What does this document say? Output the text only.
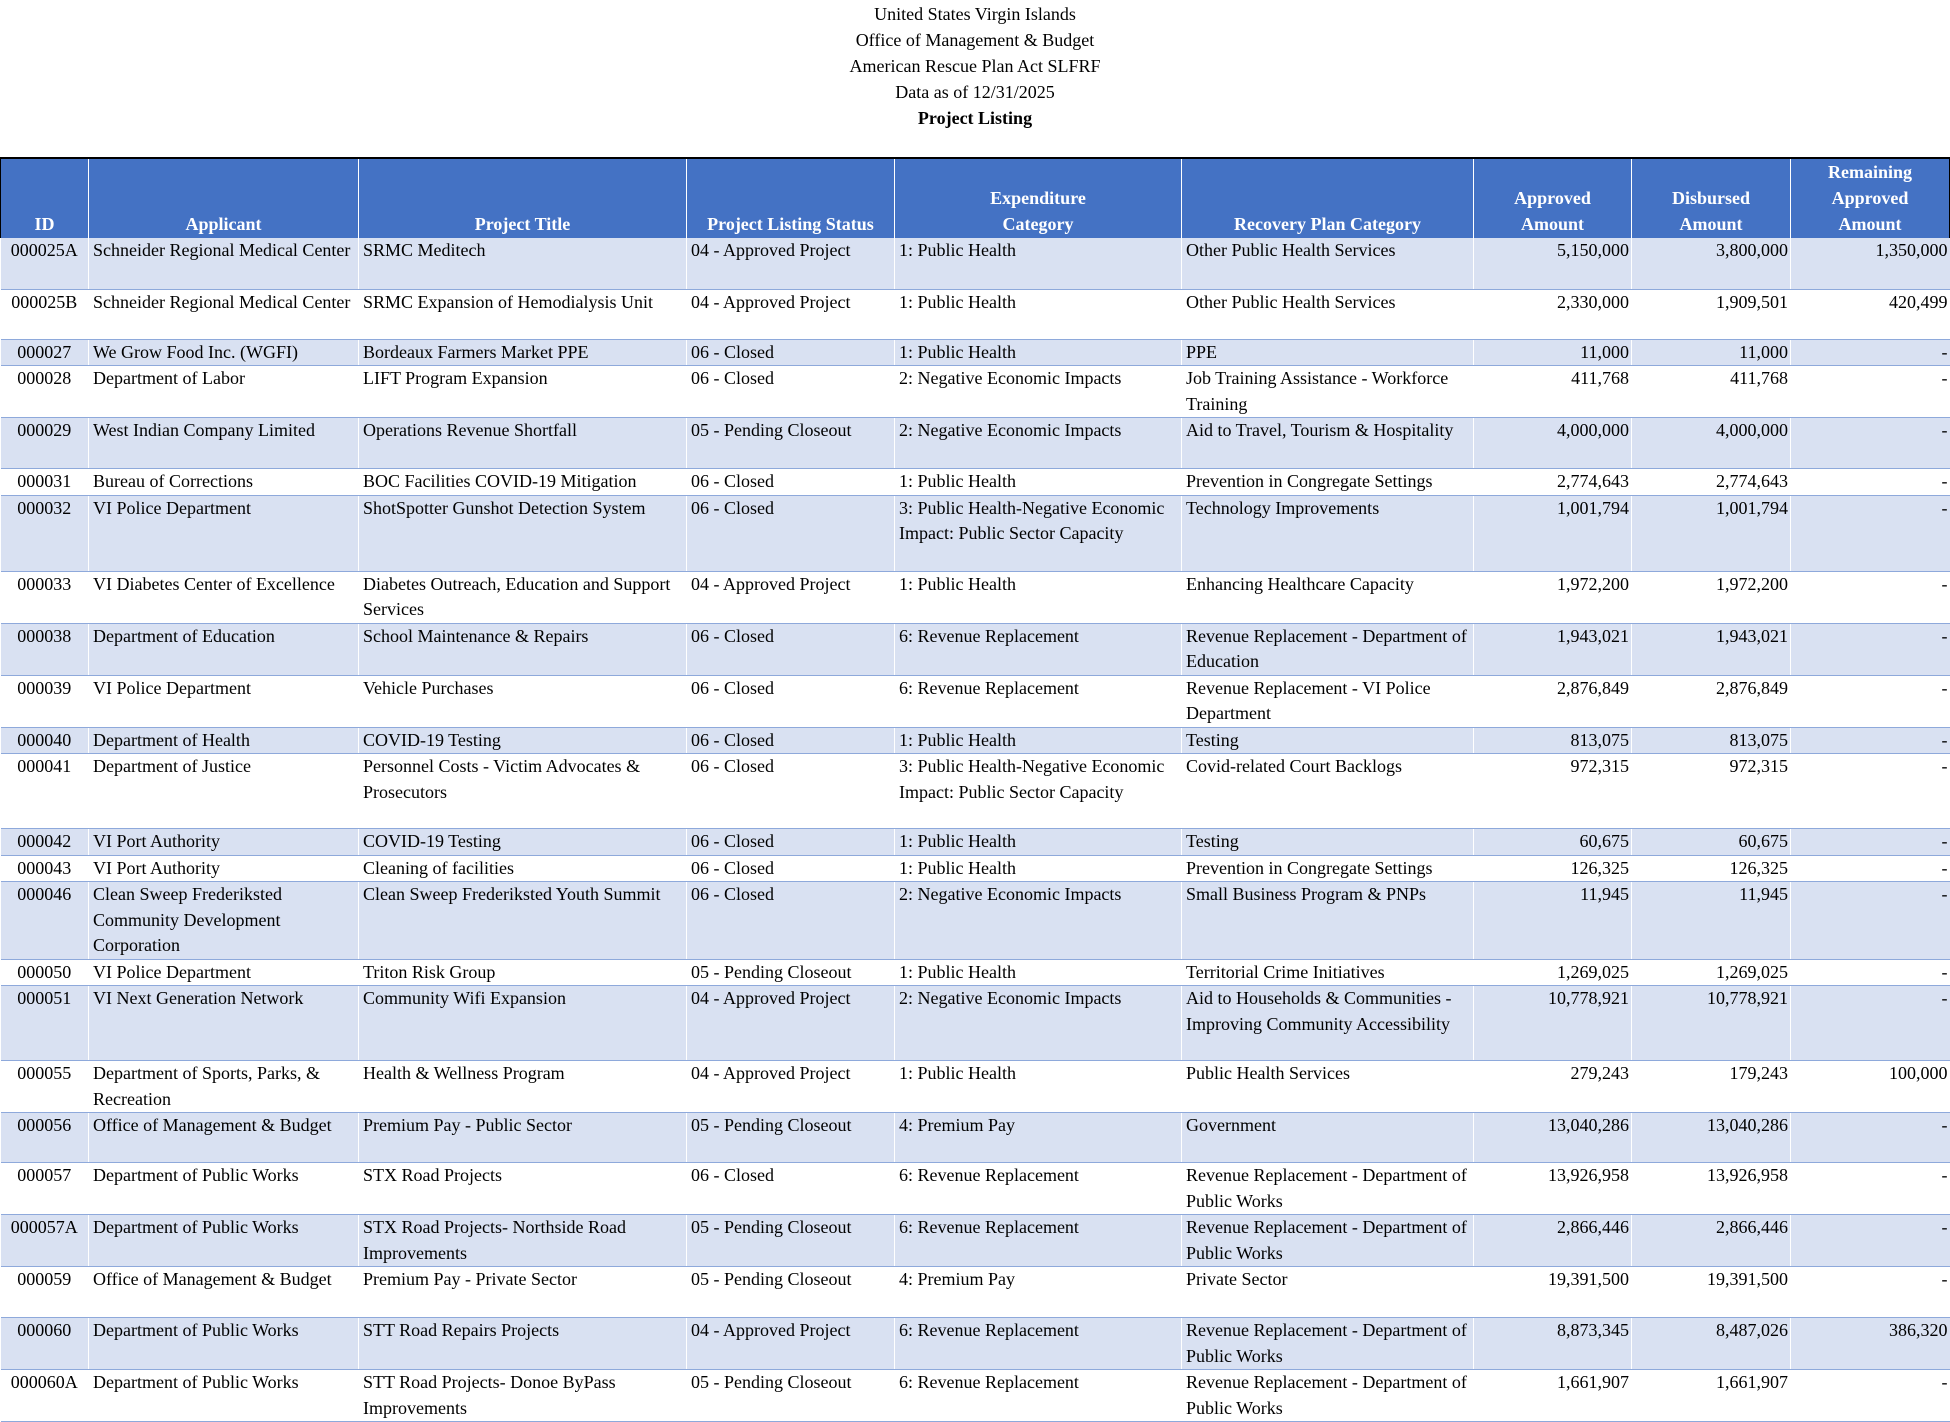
United States Virgin Islands
Office of Management & Budget
American Rescue Plan Act SLFRF
Data as of 12/31/2025
Project Listing
ID	Applicant	Project Title	Project Listing Status	Expenditure Category	Recovery Plan Category	Approved Amount	Disbursed Amount	Remaining Approved Amount
000025A	Schneider Regional Medical Center	SRMC Meditech	04 - Approved Project	1: Public Health	Other Public Health Services	5,150,000	3,800,000	1,350,000
000025B	Schneider Regional Medical Center	SRMC Expansion of Hemodialysis Unit	04 - Approved Project	1: Public Health	Other Public Health Services	2,330,000	1,909,501	420,499
000027	We Grow Food Inc. (WGFI)	Bordeaux Farmers Market PPE	06 - Closed	1: Public Health	PPE	11,000	11,000	-
000028	Department of Labor	LIFT Program Expansion	06 - Closed	2: Negative Economic Impacts	Job Training Assistance - Workforce Training	411,768	411,768	-
000029	West Indian Company Limited	Operations Revenue Shortfall	05 - Pending Closeout	2: Negative Economic Impacts	Aid to Travel, Tourism & Hospitality	4,000,000	4,000,000	-
000031	Bureau of Corrections	BOC Facilities COVID-19 Mitigation	06 - Closed	1: Public Health	Prevention in Congregate Settings	2,774,643	2,774,643	-
000032	VI Police Department	ShotSpotter Gunshot Detection System	06 - Closed	3: Public Health-Negative Economic Impact: Public Sector Capacity	Technology Improvements	1,001,794	1,001,794	-
000033	VI Diabetes Center of Excellence	Diabetes Outreach, Education and Support Services	04 - Approved Project	1: Public Health	Enhancing Healthcare Capacity	1,972,200	1,972,200	-
000038	Department of Education	School Maintenance & Repairs	06 - Closed	6: Revenue Replacement	Revenue Replacement - Department of Education	1,943,021	1,943,021	-
000039	VI Police Department	Vehicle Purchases	06 - Closed	6: Revenue Replacement	Revenue Replacement - VI Police Department	2,876,849	2,876,849	-
000040	Department of Health	COVID-19 Testing	06 - Closed	1: Public Health	Testing	813,075	813,075	-
000041	Department of Justice	Personnel Costs - Victim Advocates & Prosecutors	06 - Closed	3: Public Health-Negative Economic Impact: Public Sector Capacity	Covid-related Court Backlogs	972,315	972,315	-
000042	VI Port Authority	COVID-19 Testing	06 - Closed	1: Public Health	Testing	60,675	60,675	-
000043	VI Port Authority	Cleaning of facilities	06 - Closed	1: Public Health	Prevention in Congregate Settings	126,325	126,325	-
000046	Clean Sweep Frederiksted Community Development Corporation	Clean Sweep Frederiksted Youth Summit	06 - Closed	2: Negative Economic Impacts	Small Business Program & PNPs	11,945	11,945	-
000050	VI Police Department	Triton Risk Group	05 - Pending Closeout	1: Public Health	Territorial Crime Initiatives	1,269,025	1,269,025	-
000051	VI Next Generation Network	Community Wifi Expansion	04 - Approved Project	2: Negative Economic Impacts	Aid to Households & Communities - Improving Community Accessibility	10,778,921	10,778,921	-
000055	Department of Sports, Parks, & Recreation	Health & Wellness Program	04 - Approved Project	1: Public Health	Public Health Services	279,243	179,243	100,000
000056	Office of Management & Budget	Premium Pay - Public Sector	05 - Pending Closeout	4: Premium Pay	Government	13,040,286	13,040,286	-
000057	Department of Public Works	STX Road Projects	06 - Closed	6: Revenue Replacement	Revenue Replacement - Department of Public Works	13,926,958	13,926,958	-
000057A	Department of Public Works	STX Road Projects- Northside Road Improvements	05 - Pending Closeout	6: Revenue Replacement	Revenue Replacement - Department of Public Works	2,866,446	2,866,446	-
000059	Office of Management & Budget	Premium Pay - Private Sector	05 - Pending Closeout	4: Premium Pay	Private Sector	19,391,500	19,391,500	-
000060	Department of Public Works	STT Road Repairs Projects	04 - Approved Project	6: Revenue Replacement	Revenue Replacement - Department of Public Works	8,873,345	8,487,026	386,320
000060A	Department of Public Works	STT Road Projects- Donoe ByPass Improvements	05 - Pending Closeout	6: Revenue Replacement	Revenue Replacement - Department of Public Works	1,661,907	1,661,907	-
